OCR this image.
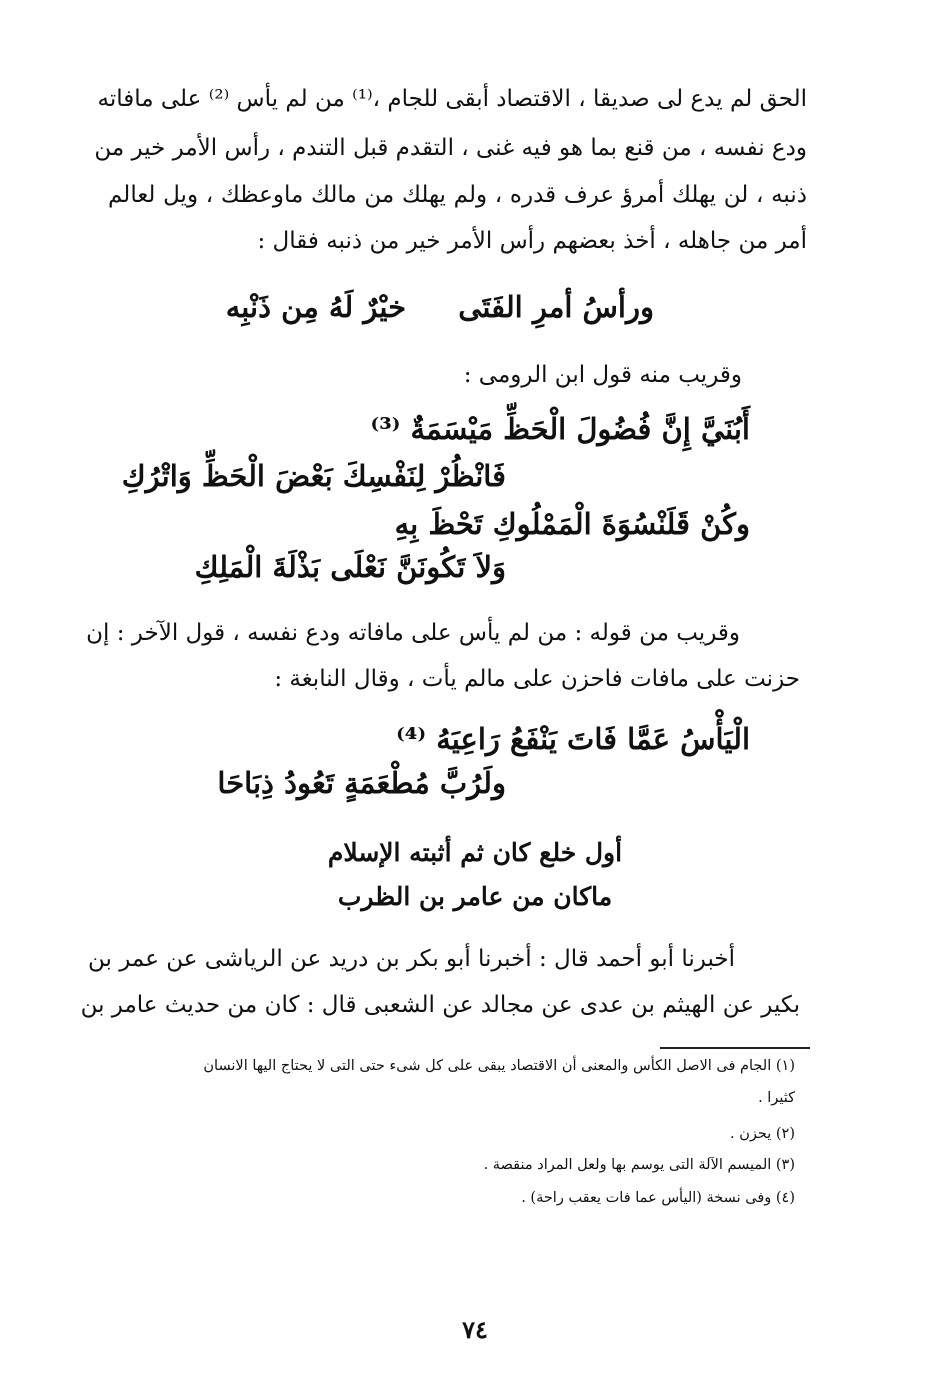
الحق لم يدع لى صديقا ، الاقتصاد أبقى للجام ،⁽¹⁾ من لم يأس ⁽²⁾ على مافاته
ودع نفسه ، من قنع بما هو فيه غنى ، التقدم قبل التندم ، رأس الأمر خير من
ذنبه ، لن يهلك أمرؤ عرف قدره ، ولم يهلك من مالك ماوعظك ، ويل لعالم
أمر من جاهله ، أخذ بعضهم رأس الأمر خير من ذنبه فقال :
ورأسُ أمرِ الفَتَى
خيْرٌ لَهُ مِن ذَنْبِه
وقريب منه قول ابن الرومى :
أَبُنَيَّ إِنَّ فُضُولَ الْحَظِّ مَيْسَمَةٌ ⁽³⁾
فَانْظُرْ لِنَفْسِكَ بَعْضَ الْحَظِّ وَاتْرُكِ
وكُنْ قَلَنْسُوَةَ الْمَمْلُوكِ تَحْظَ بِهِ
وَلاَ تَكُونَنَّ نَعْلَى بَذْلَةَ الْمَلِكِ
وقريب من قوله : من لم يأس على مافاته ودع نفسه ، قول الآخر : إن
حزنت على مافات فاحزن على مالم يأت ، وقال النابغة :
الْيَأْسُ عَمَّا فَاتَ يَنْفَعُ رَاعِيَهُ ⁽⁴⁾
ولَرُبَّ مُطْعَمَةٍ تَعُودُ ذِبَاحَا
أول خلع كان ثم أثبته الإسلام
ماكان من عامر بن الظرب
أخبرنا أبو أحمد قال : أخبرنا أبو بكر بن دريد عن الرياشى عن عمر بن
بكير عن الهيثم بن عدى عن مجالد عن الشعبى قال : كان من حديث عامر بن
(١) الجام فى الاصل الكأس والمعنى أن الاقتصاد يبقى على كل شىء حتى التى لا يحتاج اليها الانسان
كثيرا .
(٢) يحزن .
(٣) الميسم الآلة التى يوسم بها ولعل المراد منقصة .
(٤) وفى نسخة (اليأس عما فات يعقب راحة) .
٧٤
